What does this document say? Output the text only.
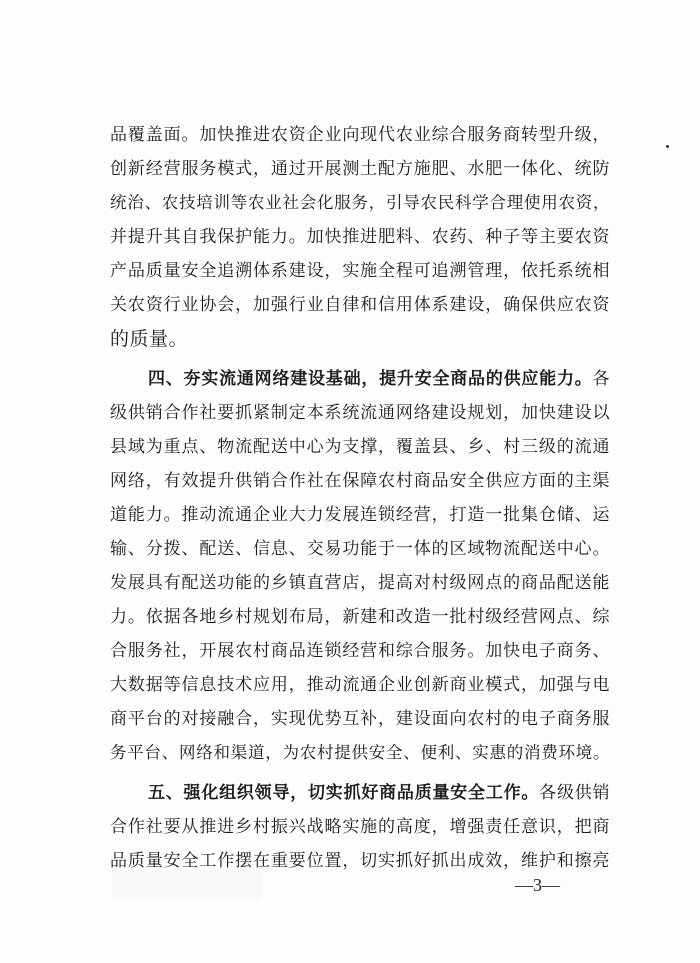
品覆盖面。加快推进农资企业向现代农业综合服务商转型升级，
创新经营服务模式，通过开展测土配方施肥、水肥一体化、统防
统治、农技培训等农业社会化服务，引导农民科学合理使用农资，
并提升其自我保护能力。加快推进肥料、农药、种子等主要农资
产品质量安全追溯体系建设，实施全程可追溯管理，依托系统相
关农资行业协会，加强行业自律和信用体系建设，确保供应农资
的质量。
四、夯实流通网络建设基础，提升安全商品的供应能力。各
级供销合作社要抓紧制定本系统流通网络建设规划，加快建设以
县域为重点、物流配送中心为支撑，覆盖县、乡、村三级的流通
网络，有效提升供销合作社在保障农村商品安全供应方面的主渠
道能力。推动流通企业大力发展连锁经营，打造一批集仓储、运
输、分拨、配送、信息、交易功能于一体的区域物流配送中心。
发展具有配送功能的乡镇直营店，提高对村级网点的商品配送能
力。依据各地乡村规划布局，新建和改造一批村级经营网点、综
合服务社，开展农村商品连锁经营和综合服务。加快电子商务、
大数据等信息技术应用，推动流通企业创新商业模式，加强与电
商平台的对接融合，实现优势互补，建设面向农村的电子商务服
务平台、网络和渠道，为农村提供安全、便利、实惠的消费环境。
五、强化组织领导，切实抓好商品质量安全工作。各级供销
合作社要从推进乡村振兴战略实施的高度，增强责任意识，把商
品质量安全工作摆在重要位置，切实抓好抓出成效，维护和擦亮
—3—
